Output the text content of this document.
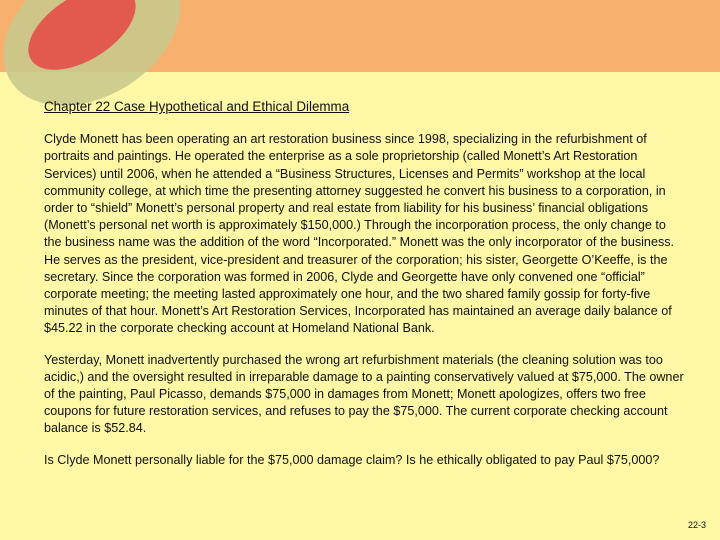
Chapter 22 Case Hypothetical and Ethical Dilemma

Clyde Monett has been operating an art restoration business since 1998, specializing in the refurbishment of portraits and paintings. He operated the enterprise as a sole proprietorship (called Monett’s Art Restoration Services) until 2006, when he attended a “Business Structures, Licenses and Permits” workshop at the local community college, at which time the presenting attorney suggested he convert his business to a corporation, in order to “shield” Monett’s personal property and real estate from liability for his business’ financial obligations (Monett’s personal net worth is approximately $150,000.) Through the incorporation process, the only change to the business name was the addition of the word “Incorporated.” Monett was the only incorporator of the business. He serves as the president, vice-president and treasurer of the corporation; his sister, Georgette O’Keeffe, is the secretary. Since the corporation was formed in 2006, Clyde and Georgette have only convened one “official” corporate meeting; the meeting lasted approximately one hour, and the two shared family gossip for forty-five minutes of that hour. Monett’s Art Restoration Services, Incorporated has maintained an average daily balance of $45.22 in the corporate checking account at Homeland National Bank.

Yesterday, Monett inadvertently purchased the wrong art refurbishment materials (the cleaning solution was too acidic,) and the oversight resulted in irreparable damage to a painting conservatively valued at $75,000. The owner of the painting, Paul Picasso, demands $75,000 in damages from Monett; Monett apologizes, offers two free coupons for future restoration services, and refuses to pay the $75,000. The current corporate checking account balance is $52.84.

Is Clyde Monett personally liable for the $75,000 damage claim? Is he ethically obligated to pay Paul $75,000?

22-3
